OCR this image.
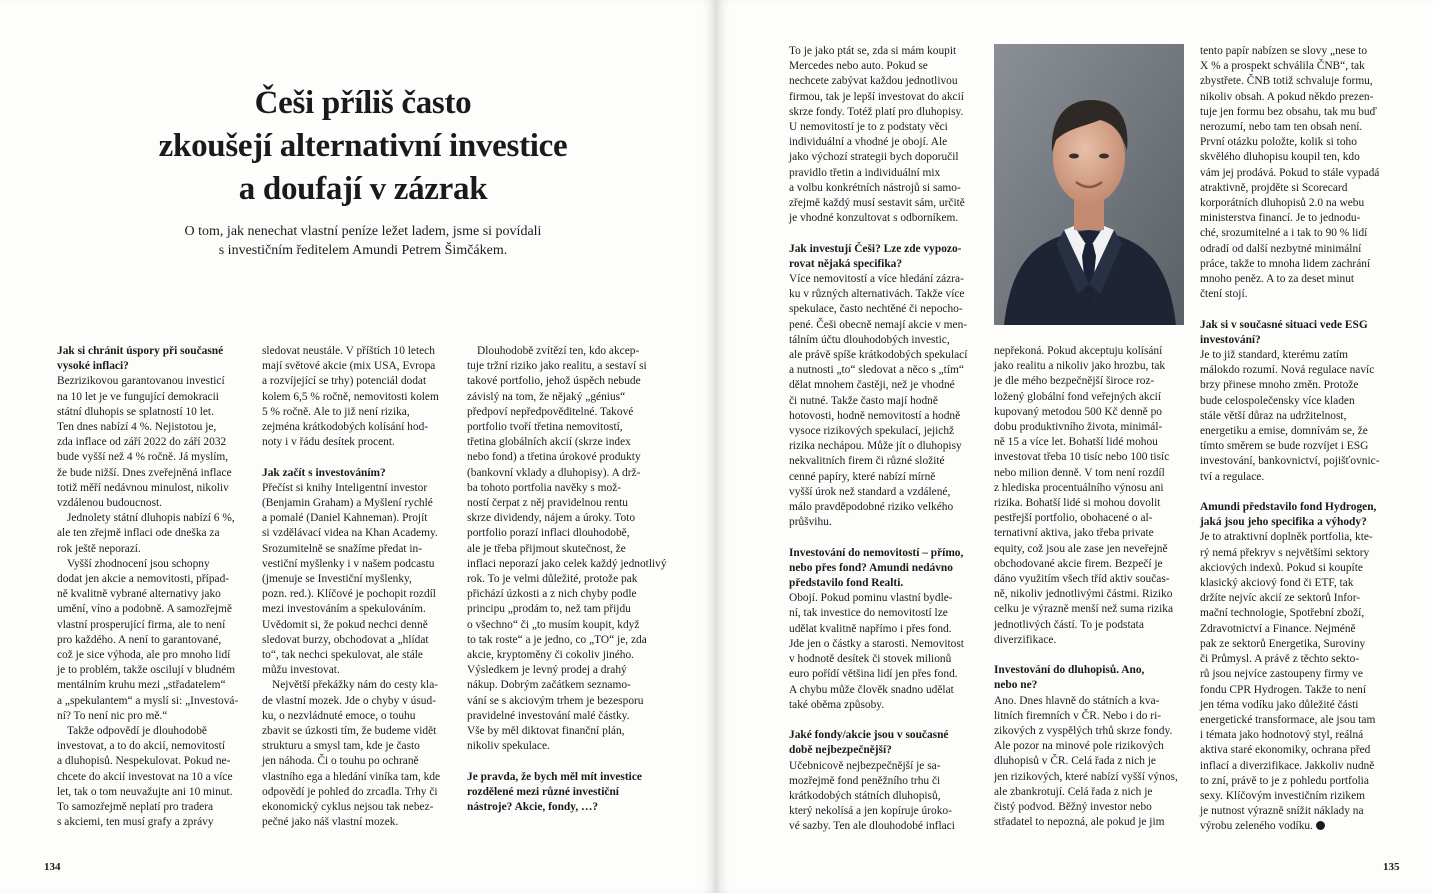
Češi příliš často
zkoušejí alternativní investice
a doufají v zázrak

O tom, jak nenechat vlastní peníze ležet ladem, jsme si povídali
s investičním ředitelem Amundi Petrem Šimčákem.

Jak si chránit úspory při současné
vysoké inflaci?

Bezrizikovou garantovanou investicí
na 10 let je ve fungující demokracii
státní dluhopis se splatností 10 let.
Ten dnes nabízí 4 %. Nejistotou je,
zda inflace od září 2022 do září 2032
bude vyšší než 4 % ročně. Já myslím,
že bude nižší. Dnes zveřejněná inflace
totiž měří nedávnou minulost, nikoliv
vzdálenou budoucnost.

Jednolety státní dluhopis nabízí 6 %,
ale ten zřejmě inflaci ode dneška za
rok ještě neporazí.

Vyšší zhodnocení jsou schopny
dodat jen akcie a nemovitosti, případ-
ně kvalitně vybrané alternativy jako
umění, víno a podobně. A samozřejmě
vlastní prosperující firma, ale to není
pro každého. A není to garantované,
což je sice výhoda, ale pro mnoho lidí
je to problém, takže oscilují v bludném
mentálním kruhu mezi „střadatelem“
a „spekulantem“ a myslí si: „Investová-
ní? To není nic pro mě.“

Takže odpovědí je dlouhodobě
investovat, a to do akcií, nemovitostí
a dluhopisů. Nespekulovat. Pokud ne-
chcete do akcií investovat na 10 a více
let, tak o tom neuvažujte ani 10 minut.
To samozřejmě neplatí pro tradera
s akciemi, ten musí grafy a zprávy

sledovat neustále. V příštích 10 letech
mají světové akcie (mix USA, Evropa
a rozvíjející se trhy) potenciál dodat
kolem 6,5 % ročně, nemovitosti kolem
5 % ročně. Ale to již není rizika,
zejména krátkodobých kolísání hod-
noty i v řádu desítek procent.

Jak začít s investováním?

Přečíst si knihy Inteligentní investor
(Benjamin Graham) a Myšlení rychlé
a pomalé (Daniel Kahneman). Projít
si vzdělávací videa na Khan Academy.
Srozumitelně se snažíme předat in-
vestiční myšlenky i v našem podcastu
(jmenuje se Investiční myšlenky,
pozn. red.). Klíčové je pochopit rozdíl
mezi investováním a spekulováním.
Uvědomit si, že pokud nechci denně
sledovat burzy, obchodovat a „hlídat
to“, tak nechci spekulovat, ale stále
můžu investovat.

Největší překážky nám do cesty kla-
de vlastní mozek. Jde o chyby v úsud-
ku, o nezvládnuté emoce, o touhu
zbavit se úzkosti tím, že budeme vidět
strukturu a smysl tam, kde je často
jen náhoda. Či o touhu po ochraně
vlastního ega a hledání viníka tam, kde
odpovědí je pohled do zrcadla. Trhy či
ekonomický cyklus nejsou tak nebez-
pečné jako náš vlastní mozek.

Dlouhodobě zvítězí ten, kdo akcep-
tuje tržní riziko jako realitu, a sestaví si
takové portfolio, jehož úspěch nebude
závislý na tom, že nějaký „génius“
předpoví nepředpověditelné. Takové
portfolio tvoří třetina nemovitostí,
třetina globálních akcií (skrze index
nebo fond) a třetina úrokové produkty
(bankovní vklady a dluhopisy). A drž-
ba tohoto portfolia navěky s mož-
ností čerpat z něj pravidelnou rentu
skrze dividendy, nájem a úroky. Toto
portfolio porazí inflaci dlouhodobě,
ale je třeba přijmout skutečnost, že
inflaci neporazí jako celek každý jednotlivý
rok. To je velmi důležité, protože pak
přichází úzkosti a z nich chyby podle
principu „prodám to, než tam přijdu
o všechno“ či „to musím koupit, když
to tak roste“ a je jedno, co „TO“ je, zda
akcie, kryptoměny či cokoliv jiného.
Výsledkem je levný prodej a drahý
nákup. Dobrým začátkem seznamo-
vání se s akciovým trhem je bezesporu
pravidelné investování malé částky.
Vše by měl diktovat finanční plán,
nikoliv spekulace.

Je pravda, že bych měl mít investice
rozdělené mezi různé investiční
nástroje? Akcie, fondy, …?

134	135

To je jako ptát se, zda si mám koupit
Mercedes nebo auto. Pokud se
nechcete zabývat každou jednotlivou
firmou, tak je lepší investovat do akcií
skrze fondy. Totéž platí pro dluhopisy.
U nemovitostí je to z podstaty věci
individuální a vhodné je obojí. Ale
jako výchozí strategii bych doporučil
pravidlo třetin a individuální mix
a volbu konkrétních nástrojů si samo-
zřejmě každý musí sestavit sám, určitě
je vhodné konzultovat s odborníkem.

Jak investují Češi? Lze zde vypozo-
rovat nějaká specifika?

Více nemovitostí a více hledání zázra-
ku v různých alternativách. Takže více
spekulace, často nechtěné či nepocho-
pené. Češi obecně nemají akcie v men-
tálním účtu dlouhodobých investic,
ale právě spíše krátkodobých spekulací
a nutnosti „to“ sledovat a něco s „tím“
dělat mnohem častěji, než je vhodné
či nutné. Takže často mají hodně
hotovosti, hodně nemovitostí a hodně
vysoce rizikových spekulací, jejichž
rizika nechápou. Může jít o dluhopisy
nekvalitních firem či různé složité
cenné papíry, které nabízí mírně
vyšší úrok než standard a vzdálené,
málo pravděpodobné riziko velkého
průšvihu.

Investování do nemovitostí – přímo,
nebo přes fond? Amundi nedávno
představilo fond Realti.

Obojí. Pokud pominu vlastní bydle-
ní, tak investice do nemovitostí lze
udělat kvalitně napřímo i přes fond.
Jde jen o částky a starosti. Nemovitost
v hodnotě desítek či stovek milionů
euro pořídí většina lidí jen přes fond.
A chybu může člověk snadno udělat
také oběma způsoby.

Jaké fondy/akcie jsou v současné
době nejbezpečnější?

Učebnicově nejbezpečnější je sa-
mozřejmě fond peněžního trhu či
krátkodobých státních dluhopisů,
který nekolísá a jen kopíruje úroko-
vé sazby. Ten ale dlouhodobé inflaci

nepřekoná. Pokud akceptuju kolísání
jako realitu a nikoliv jako hrozbu, tak
je dle mého bezpečnější široce roz-
ložený globální fond veřejných akcií
kupovaný metodou 500 Kč denně po
dobu produktivního života, minimál-
ně 15 a více let. Bohatší lidé mohou
investovat třeba 10 tisíc nebo 100 tisíc
nebo milion denně. V tom není rozdíl
z hlediska procentuálního výnosu ani
rizika. Bohatší lidé si mohou dovolit
pestřejší portfolio, obohacené o al-
ternativní aktiva, jako třeba private
equity, což jsou ale zase jen neveřejně
obchodované akcie firem. Bezpečí je
dáno využitím všech tříd aktiv součas-
ně, nikoliv jednotlivými částmi. Riziko
celku je výrazně menší než suma rizika
jednotlivých částí. To je podstata
diverzifikace.

Investování do dluhopisů. Ano,
nebo ne?

Ano. Dnes hlavně do státních a kva-
litních firemních v ČR. Nebo i do ri-
zikových z vyspělých trhů skrze fondy.
Ale pozor na minové pole rizikových
dluhopisů v ČR. Celá řada z nich je
jen rizikových, které nabízí vyšší výnos,
ale zbankrotují. Celá řada z nich je
čistý podvod. Běžný investor nebo
střadatel to nepozná, ale pokud je jim

tento papír nabízen se slovy „nese to
X % a prospekt schválila ČNB“, tak
zbystřete. ČNB totiž schvaluje formu,
nikoliv obsah. A pokud někdo prezen-
tuje jen formu bez obsahu, tak mu buď
nerozumí, nebo tam ten obsah není.
První otázku položte, kolik si toho
skvělého dluhopisu koupil ten, kdo
vám jej prodává. Pokud to stále vypadá
atraktivně, projděte si Scorecard
korporátních dluhopisů 2.0 na webu
ministerstva financí. Je to jednodu-
ché, srozumitelné a i tak to 90 % lidí
odradí od další nezbytné minimální
práce, takže to mnoha lidem zachrání
mnoho peněz. A to za deset minut
čtení stojí.

Jak si v současné situaci vede ESG
investování?

Je to již standard, kterému zatím
málokdo rozumí. Nová regulace navíc
brzy přinese mnoho změn. Protože
bude celospolečensky více kladen
stále větší důraz na udržitelnost,
energetiku a emise, domnívám se, že
tímto směrem se bude rozvíjet i ESG
investování, bankovnictví, pojišťovnic-
tví a regulace.

Amundi představilo fond Hydrogen,
jaká jsou jeho specifika a výhody?

Je to atraktivní doplněk portfolia, kte-
rý nemá překryv s největšími sektory
akciových indexů. Pokud si koupíte
klasický akciový fond či ETF, tak
držíte nejvíc akcií ze sektorů Infor-
mační technologie, Spotřební zboží,
Zdravotnictví a Finance. Nejméně
pak ze sektorů Energetika, Suroviny
či Průmysl. A právě z těchto sekto-
rů jsou nejvíce zastoupeny firmy ve
fondu CPR Hydrogen. Takže to není
jen téma vodíku jako důležité části
energetické transformace, ale jsou tam
i témata jako hodnotový styl, reálná
aktiva staré ekonomiky, ochrana před
inflací a diverzifikace. Jakkoliv nudně
to zní, právě to je z pohledu portfolia
sexy. Klíčovým investičním rizikem
je nutnost výrazně snížit náklady na
výrobu zeleného vodíku.
